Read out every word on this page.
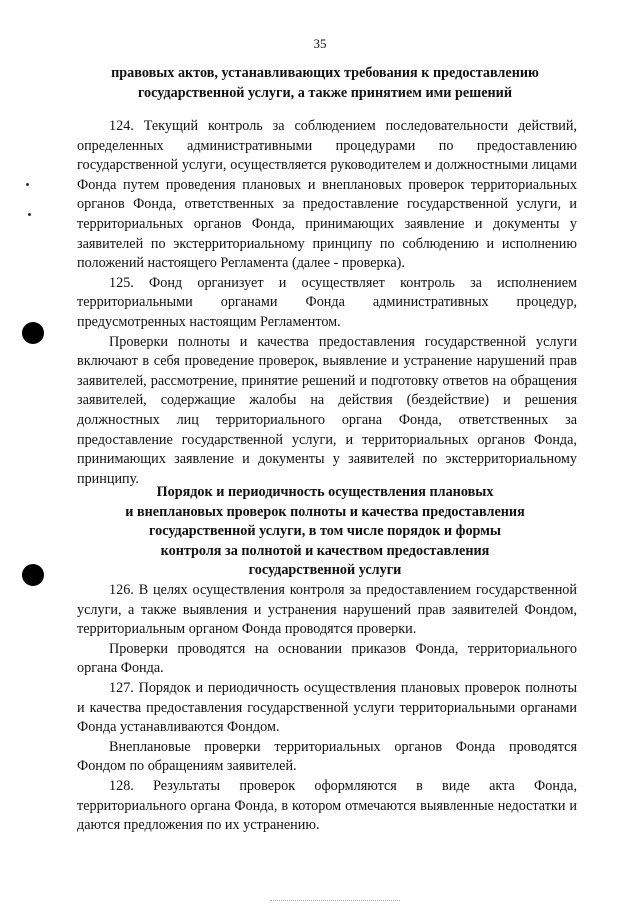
35
правовых актов, устанавливающих требования к предоставлению
государственной услуги, а также принятием ими решений

124. Текущий контроль за соблюдением последовательности действий, определенных административными процедурами по предоставлению государственной услуги, осуществляется руководителем и должностными лицами Фонда путем проведения плановых и внеплановых проверок территориальных органов Фонда, ответственных за предоставление государственной услуги, и территориальных органов Фонда, принимающих заявление и документы у заявителей по экстерриториальному принципу по соблюдению и исполнению положений настоящего Регламента (далее - проверка).

125. Фонд организует и осуществляет контроль за исполнением территориальными органами Фонда административных процедур, предусмотренных настоящим Регламентом.

Проверки полноты и качества предоставления государственной услуги включают в себя проведение проверок, выявление и устранение нарушений прав заявителей, рассмотрение, принятие решений и подготовку ответов на обращения заявителей, содержащие жалобы на действия (бездействие) и решения должностных лиц территориального органа Фонда, ответственных за предоставление государственной услуги, и территориальных органов Фонда, принимающих заявление и документы у заявителей по экстерриториальному принципу.

Порядок и периодичность осуществления плановых
и внеплановых проверок полноты и качества предоставления
государственной услуги, в том числе порядок и формы
контроля за полнотой и качеством предоставления
государственной услуги

126. В целях осуществления контроля за предоставлением государственной услуги, а также выявления и устранения нарушений прав заявителей Фондом, территориальным органом Фонда проводятся проверки.

Проверки проводятся на основании приказов Фонда, территориального органа Фонда.

127. Порядок и периодичность осуществления плановых проверок полноты и качества предоставления государственной услуги территориальными органами Фонда устанавливаются Фондом.

Внеплановые проверки территориальных органов Фонда проводятся Фондом по обращениям заявителей.

128. Результаты проверок оформляются в виде акта Фонда, территориального органа Фонда, в котором отмечаются выявленные недостатки и даются предложения по их устранению.
